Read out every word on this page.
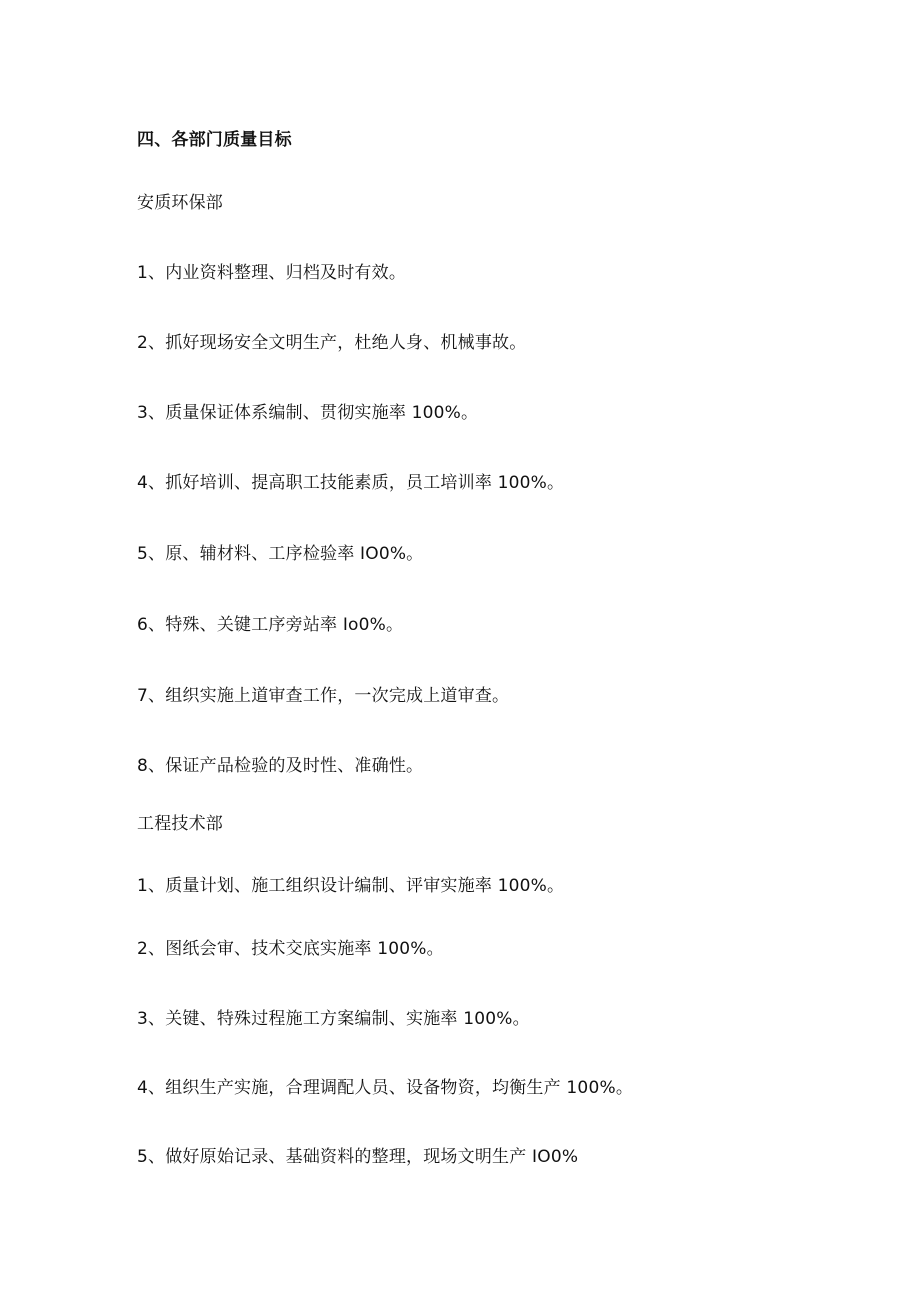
四、各部门质量目标
安质环保部
1、内业资料整理、归档及时有效。
2、抓好现场安全文明生产，杜绝人身、机械事故。
3、质量保证体系编制、贯彻实施率 100%。
4、抓好培训、提高职工技能素质，员工培训率 100%。
5、原、辅材料、工序检验率 IO0%。
6、特殊、关键工序旁站率 Io0%。
7、组织实施上道审查工作，一次完成上道审查。
8、保证产品检验的及时性、准确性。
工程技术部
1、质量计划、施工组织设计编制、评审实施率 100%。
2、图纸会审、技术交底实施率 100%。
3、关键、特殊过程施工方案编制、实施率 100%。
4、组织生产实施，合理调配人员、设备物资，均衡生产 100%。
5、做好原始记录、基础资料的整理，现场文明生产 IO0%
